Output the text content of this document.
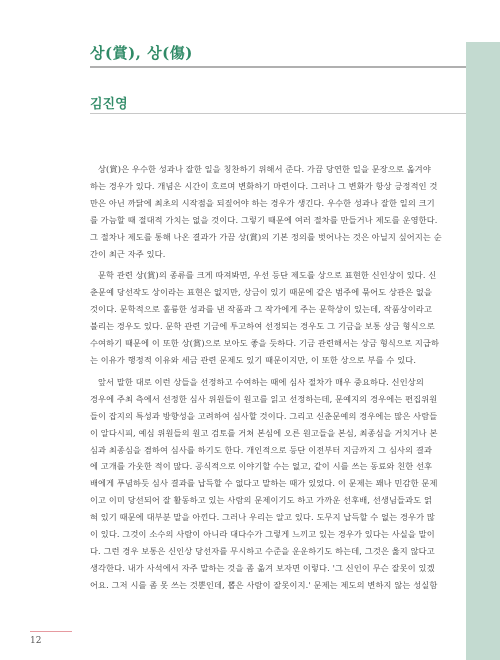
상(賞), 상(傷)
김진영
상(賞)은 우수한 성과나 잘한 일을 칭찬하기 위해서 준다. 가끔 당연한 일을 문장으로 옮겨야
하는 경우가 있다. 개념은 시간이 흐르며 변화하기 마련이다. 그러나 그 변화가 항상 긍정적인 것
만은 아닌 까닭에 최초의 시작점을 되짚어야 하는 경우가 생긴다. 우수한 성과나 잘한 일의 크기
를 가늠할 때 절대적 가치는 없을 것이다. 그렇기 때문에 여러 절차를 만들거나 제도를 운영한다.
그 절차나 제도를 통해 나온 결과가 가끔 상(賞)의 기본 정의를 벗어나는 것은 아닐지 싶어지는 순
간이 최근 자주 있다.
문학 관련 상(賞)의 종류를 크게 따져봐면, 우선 등단 제도를 상으로 표현한 신인상이 있다. 신
춘문예 당선작도 상이라는 표현은 없지만, 상금이 있기 때문에 같은 범주에 묶어도 상관은 없을
것이다. 문학적으로 훌륭한 성과를 낸 작품과 그 작가에게 주는 문학상이 있는데, 작품상이라고
불리는 경우도 있다. 문학 관련 기금에 투고하여 선정되는 경우도 그 기금을 보통 상금 형식으로
수여하기 때문에 이 또한 상(賞)으로 보아도 좋을 듯하다. 기금 관련해서는 상금 형식으로 지급하
는 이유가 행정적 이유와 세금 관련 문제도 있기 때문이지만, 이 또한 상으로 부를 수 있다.
앞서 말한 대로 이런 상들을 선정하고 수여하는 때에 심사 절차가 매우 중요하다. 신인상의
경우에 주최 측에서 선정한 심사 위원들이 원고를 읽고 선정하는데, 문예지의 경우에는 편집위원
들이 잡지의 특성과 방향성을 고려하여 심사할 것이다. 그리고 신춘문예의 경우에는 많은 사람들
이 알다시피, 예심 위원들의 원고 검토를 거쳐 본심에 오른 원고들을 본심, 최종심을 거치거나 본
심과 최종심을 겸하여 심사를 하기도 한다. 개인적으로 등단 이전부터 지금까지 그 심사의 결과
에 고개를 가웃한 적이 많다. 공식적으로 이야기할 수는 없고, 같이 시를 쓰는 동료와 친한 선후
배에게 푸념하듯 심사 결과를 납득할 수 없다고 말하는 때가 있었다. 이 문제는 꽤나 민감한 문제
이고 이미 당선되어 잘 활동하고 있는 사람의 문제이기도 하고 가까운 선후배, 선생님들과도 얽
혀 있기 때문에 대부분 말을 아낀다. 그러나 우리는 알고 있다. 도무지 납득할 수 없는 경우가 많
이 있다. 그것이 소수의 사람이 아니라 대다수가 그렇게 느끼고 있는 경우가 있다는 사실을 말이
다. 그런 경우 보통은 신인상 당선자를 무시하고 수준을 운운하기도 하는데, 그것은 옳지 않다고
생각한다. 내가 사석에서 자주 말하는 것을 좀 옮겨 보자면 이렇다. '그 신인이 무슨 잘못이 있겠
어요. 그저 시를 좀 못 쓰는 것뿐인데, 뽑은 사람이 잘못이지.' 문제는 제도의 변하지 않는 성실함
12
